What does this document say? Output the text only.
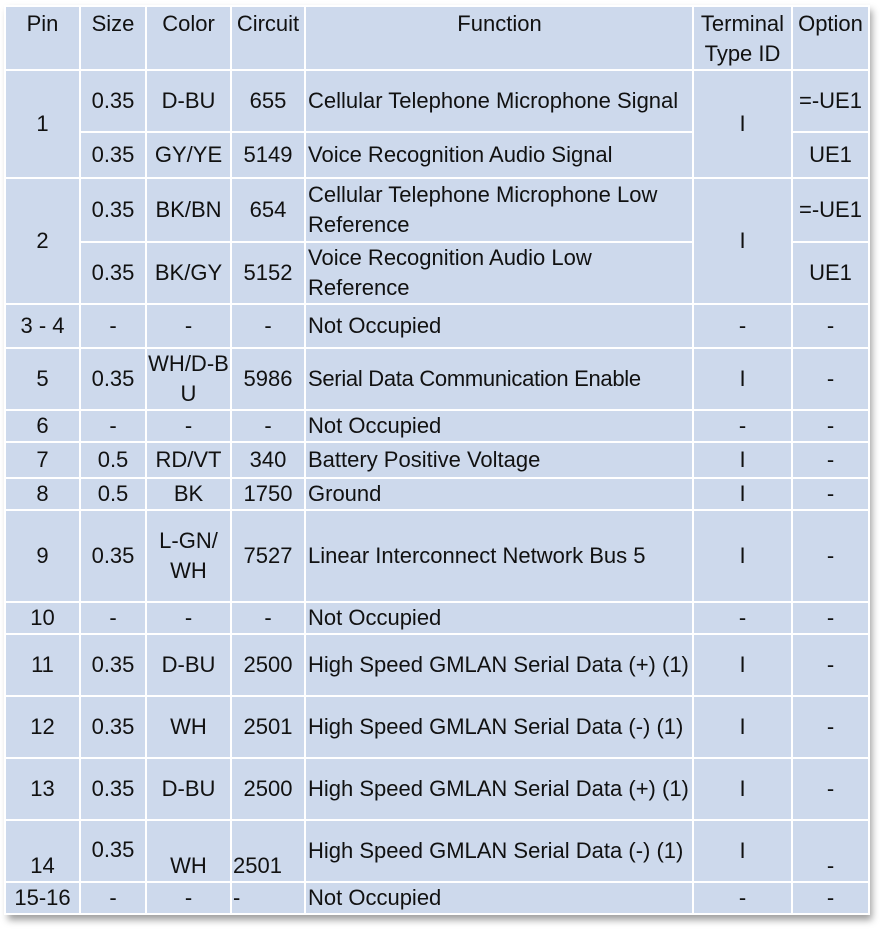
Pin	Size	Color	Circuit	Function	Terminal Type ID	Option
1	0.35	D-BU	655	Cellular Telephone Microphone Signal	I	=-UE1
	0.35	GY/YE	5149	Voice Recognition Audio Signal		UE1
2	0.35	BK/BN	654	Cellular Telephone Microphone Low Reference	I	=-UE1
	0.35	BK/GY	5152	Voice Recognition Audio Low Reference		UE1
3 - 4	-	-	-	Not Occupied	-	-
5	0.35	WH/D-BU	5986	Serial Data Communication Enable	I	-
6	-	-	-	Not Occupied	-	-
7	0.5	RD/VT	340	Battery Positive Voltage	I	-
8	0.5	BK	1750	Ground	I	-
9	0.35	L-GN/WH	7527	Linear Interconnect Network Bus 5	I	-
10	-	-	-	Not Occupied	-	-
11	0.35	D-BU	2500	High Speed GMLAN Serial Data (+) (1)	I	-
12	0.35	WH	2501	High Speed GMLAN Serial Data (-) (1)	I	-
13	0.35	D-BU	2500	High Speed GMLAN Serial Data (+) (1)	I	-
14	0.35	WH	2501	High Speed GMLAN Serial Data (-) (1)	I	-
15-16	-	-	-	Not Occupied	-	-
